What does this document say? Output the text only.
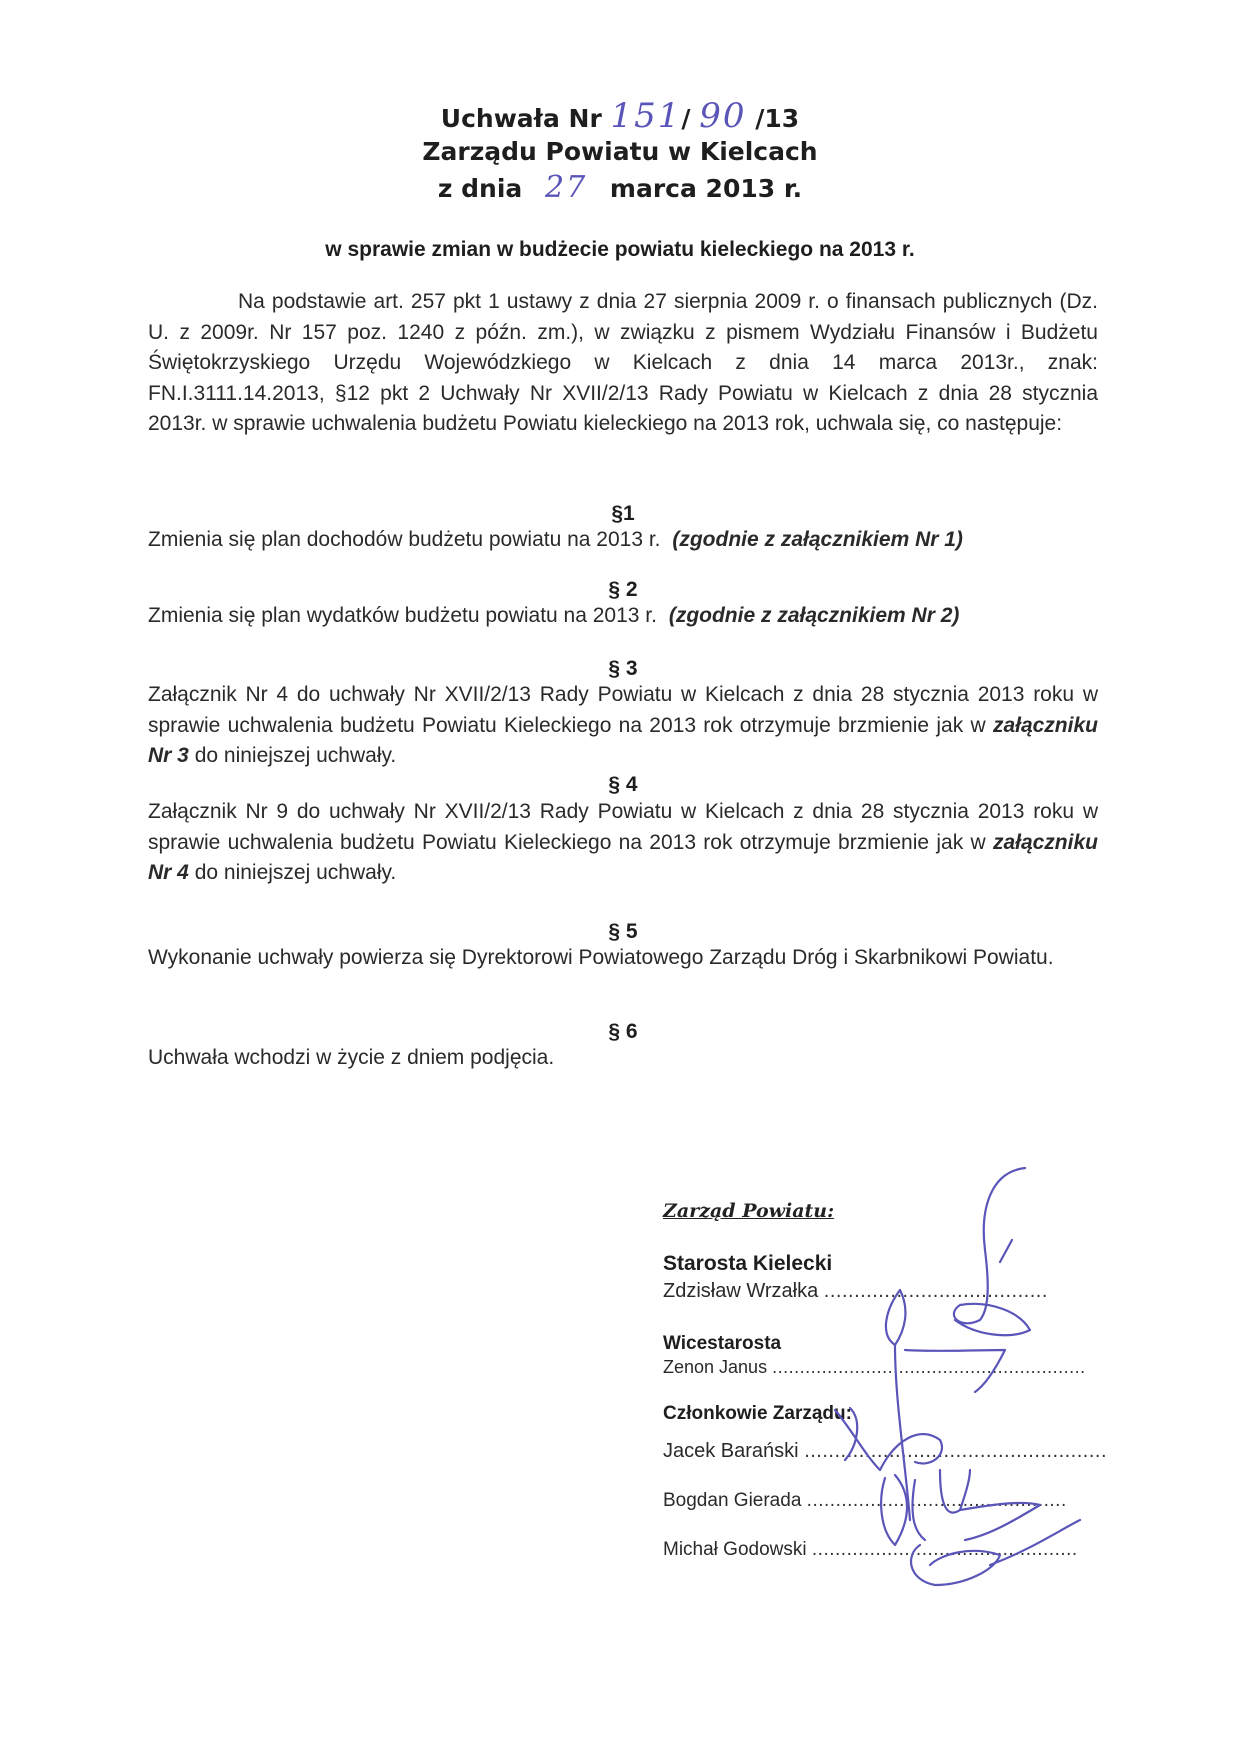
Uchwała Nr 151/ 90 /13
Zarządu Powiatu w Kielcach
z dnia 27 marca 2013 r.
w sprawie zmian w budżecie powiatu kieleckiego na 2013 r.

Na podstawie art. 257 pkt 1 ustawy z dnia 27 sierpnia 2009 r. o finansach publicznych (Dz. U. z 2009r. Nr 157 poz. 1240 z późn. zm.), w związku z pismem Wydziału Finansów i Budżetu Świętokrzyskiego Urzędu Wojewódzkiego w Kielcach z dnia 14 marca 2013r., znak: FN.I.3111.14.2013, §12 pkt 2 Uchwały Nr XVII/2/13 Rady Powiatu w Kielcach z dnia 28 stycznia 2013r. w sprawie uchwalenia budżetu Powiatu kieleckiego na 2013 rok, uchwala się, co następuje:

§1
Zmienia się plan dochodów budżetu powiatu na 2013 r. (zgodnie z załącznikiem Nr 1)
§ 2
Zmienia się plan wydatków budżetu powiatu na 2013 r. (zgodnie z załącznikiem Nr 2)
§ 3

Załącznik Nr 4 do uchwały Nr XVII/2/13 Rady Powiatu w Kielcach z dnia 28 stycznia 2013 roku w sprawie uchwalenia budżetu Powiatu Kieleckiego na 2013 rok otrzymuje brzmienie jak w załączniku Nr 3 do niniejszej uchwały.

§ 4

Załącznik Nr 9 do uchwały Nr XVII/2/13 Rady Powiatu w Kielcach z dnia 28 stycznia 2013 roku w sprawie uchwalenia budżetu Powiatu Kieleckiego na 2013 rok otrzymuje brzmienie jak w załączniku Nr 4 do niniejszej uchwały.

§ 5

Wykonanie uchwały powierza się Dyrektorowi Powiatowego Zarządu Dróg i Skarbnikowi Powiatu.

§ 6
Uchwała wchodzi w życie z dniem podjęcia.
Zarząd Powiatu:
Starosta Kielecki
Zdzisław Wrzałka .....................................
Wicestarosta
Zenon Janus .........................................................
Członkowie Zarządu:
Jacek Barański ..................................................
Bogdan Gierada .............................................
Michał Godowski ..............................................
